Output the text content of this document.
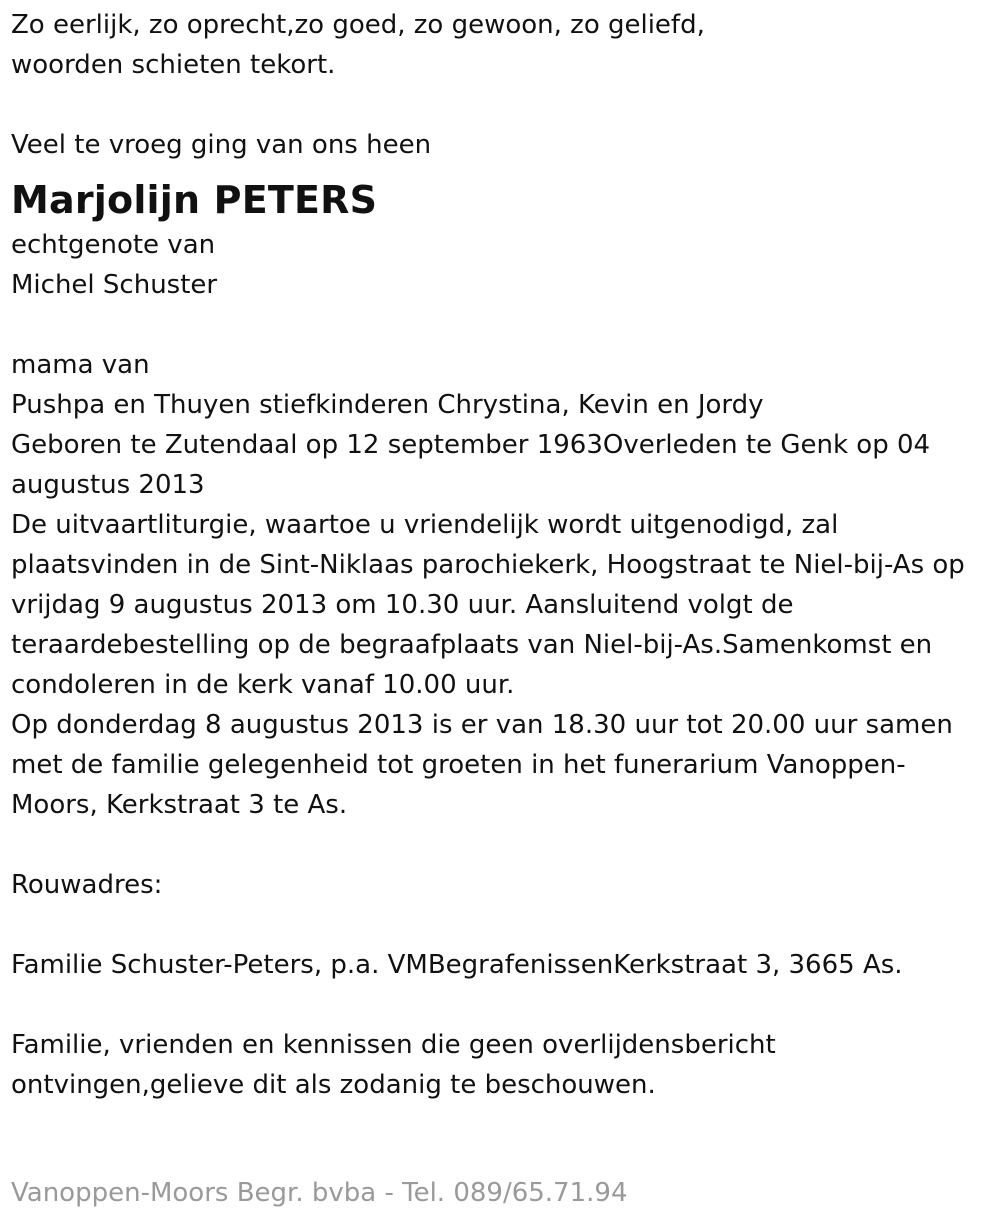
Zo eerlijk, zo oprecht,zo goed, zo gewoon, zo geliefd,

woorden schieten tekort.

Veel te vroeg ging van ons heen

Marjolijn PETERS

echtgenote van

Michel Schuster

mama van

Pushpa en Thuyen stiefkinderen Chrystina, Kevin en Jordy

Geboren te Zutendaal op 12 september 1963Overleden te Genk op 04 augustus 2013

De uitvaartliturgie, waartoe u vriendelijk wordt uitgenodigd, zal plaatsvinden in de Sint-Niklaas parochiekerk, Hoogstraat te Niel-bij-As op vrijdag 9 augustus 2013 om 10.30 uur. Aansluitend volgt de teraardebestelling op de begraafplaats van Niel-bij-As.Samenkomst en condoleren in de kerk vanaf 10.00 uur.

Op donderdag 8 augustus 2013 is er van 18.30 uur tot 20.00 uur samen met de familie gelegenheid tot groeten in het funerarium Vanoppen-Moors, Kerkstraat 3 te As.

Rouwadres:

Familie Schuster-Peters, p.a. VMBegrafenissenKerkstraat 3, 3665 As.

Familie, vrienden en kennissen die geen overlijdensbericht

ontvingen,gelieve dit als zodanig te beschouwen.

Vanoppen-Moors Begr. bvba - Tel. 089/65.71.94
